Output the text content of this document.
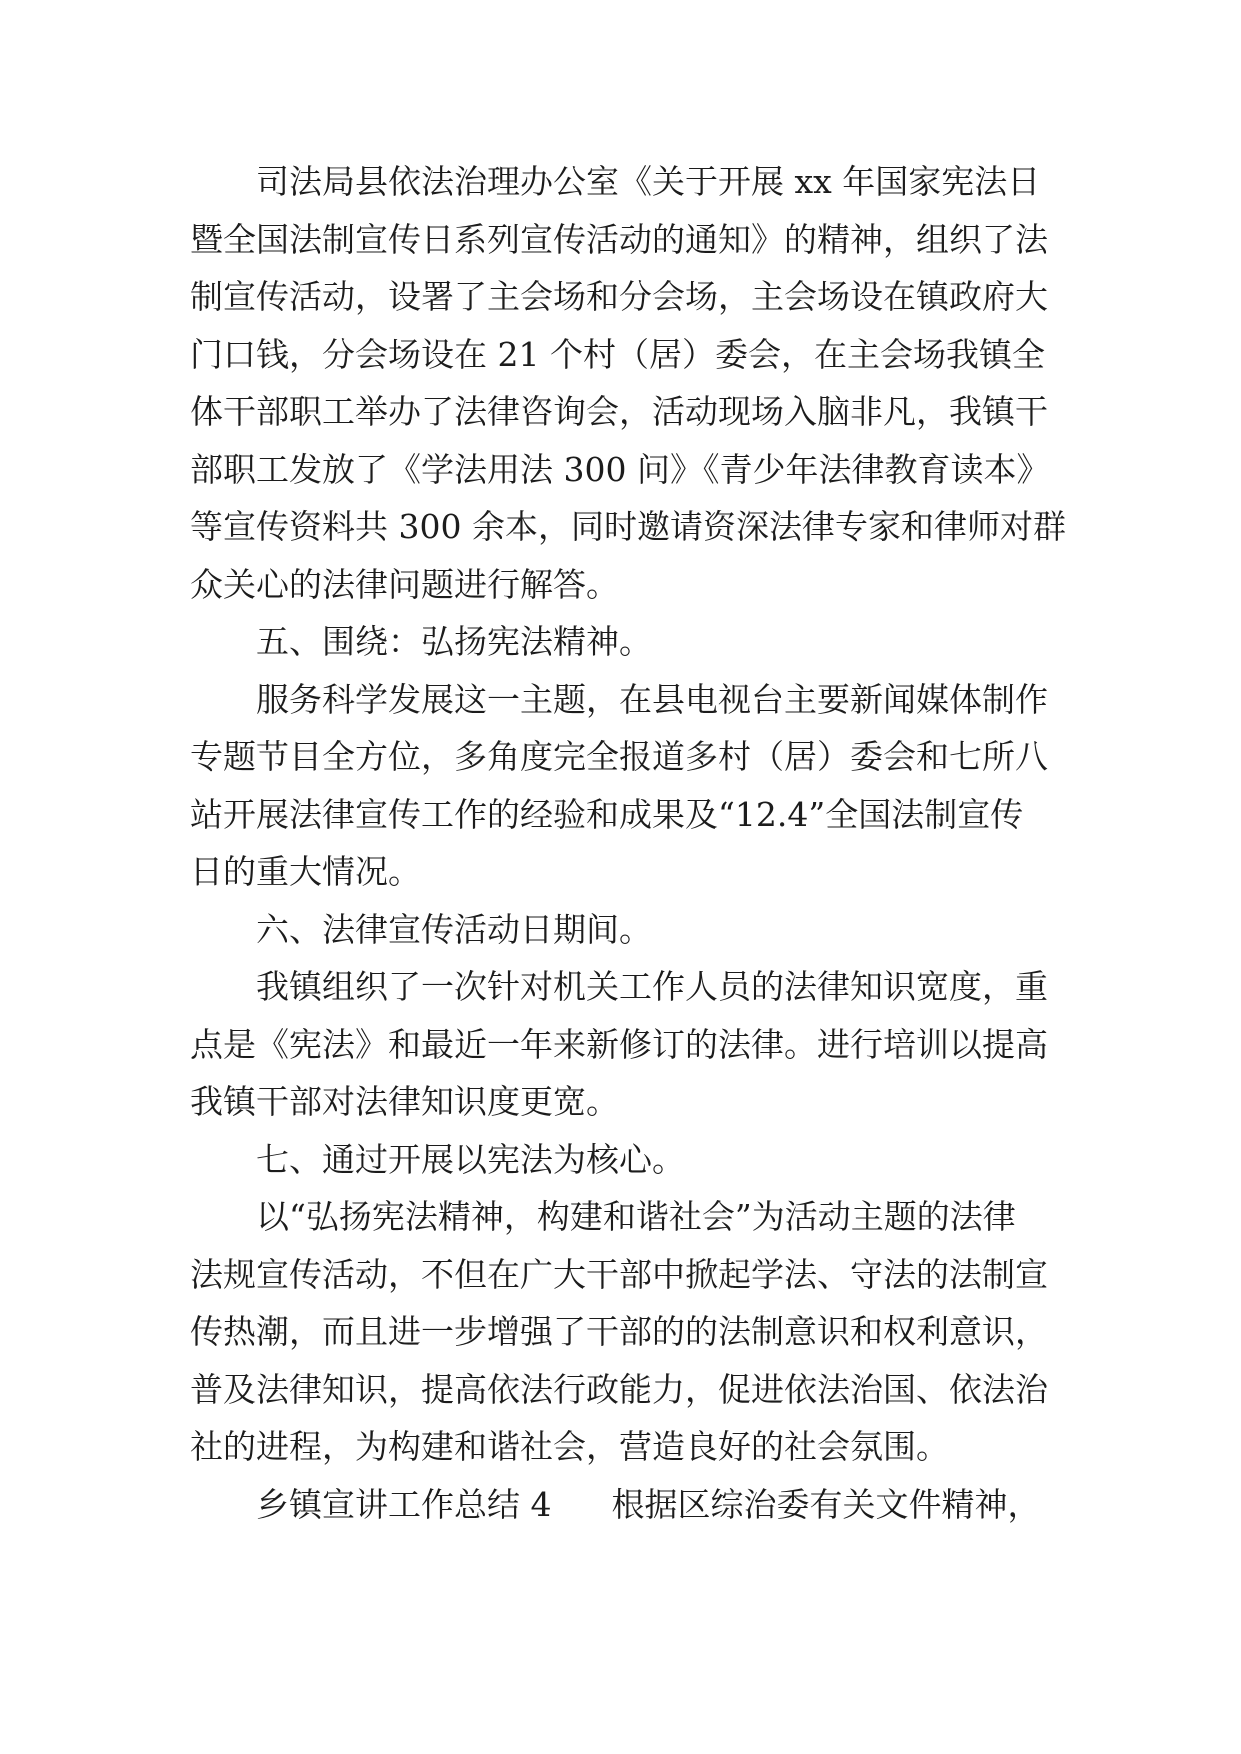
司法局县依法治理办公室《关于开展 xx 年国家宪法日
暨全国法制宣传日系列宣传活动的通知》的精神，组织了法
制宣传活动，设署了主会场和分会场，主会场设在镇政府大
门口钱，分会场设在 21 个村（居）委会，在主会场我镇全
体干部职工举办了法律咨询会，活动现场入脑非凡，我镇干
部职工发放了《学法用法 300 问》《青少年法律教育读本》
等宣传资料共 300 余本，同时邀请资深法律专家和律师对群
众关心的法律问题进行解答。
五、围绕：弘扬宪法精神。
服务科学发展这一主题，在县电视台主要新闻媒体制作
专题节目全方位，多角度完全报道多村（居）委会和七所八
站开展法律宣传工作的经验和成果及“12.4”全国法制宣传
日的重大情况。
六、法律宣传活动日期间。
我镇组织了一次针对机关工作人员的法律知识宽度，重
点是《宪法》和最近一年来新修订的法律。进行培训以提高
我镇干部对法律知识度更宽。
七、通过开展以宪法为核心。
以“弘扬宪法精神，构建和谐社会”为活动主题的法律
法规宣传活动，不但在广大干部中掀起学法、守法的法制宣
传热潮，而且进一步增强了干部的的法制意识和权利意识，
普及法律知识，提高依法行政能力，促进依法治国、依法治
社的进程，为构建和谐社会，营造良好的社会氛围。
乡镇宣讲工作总结 4 根据区综治委有关文件精神，
